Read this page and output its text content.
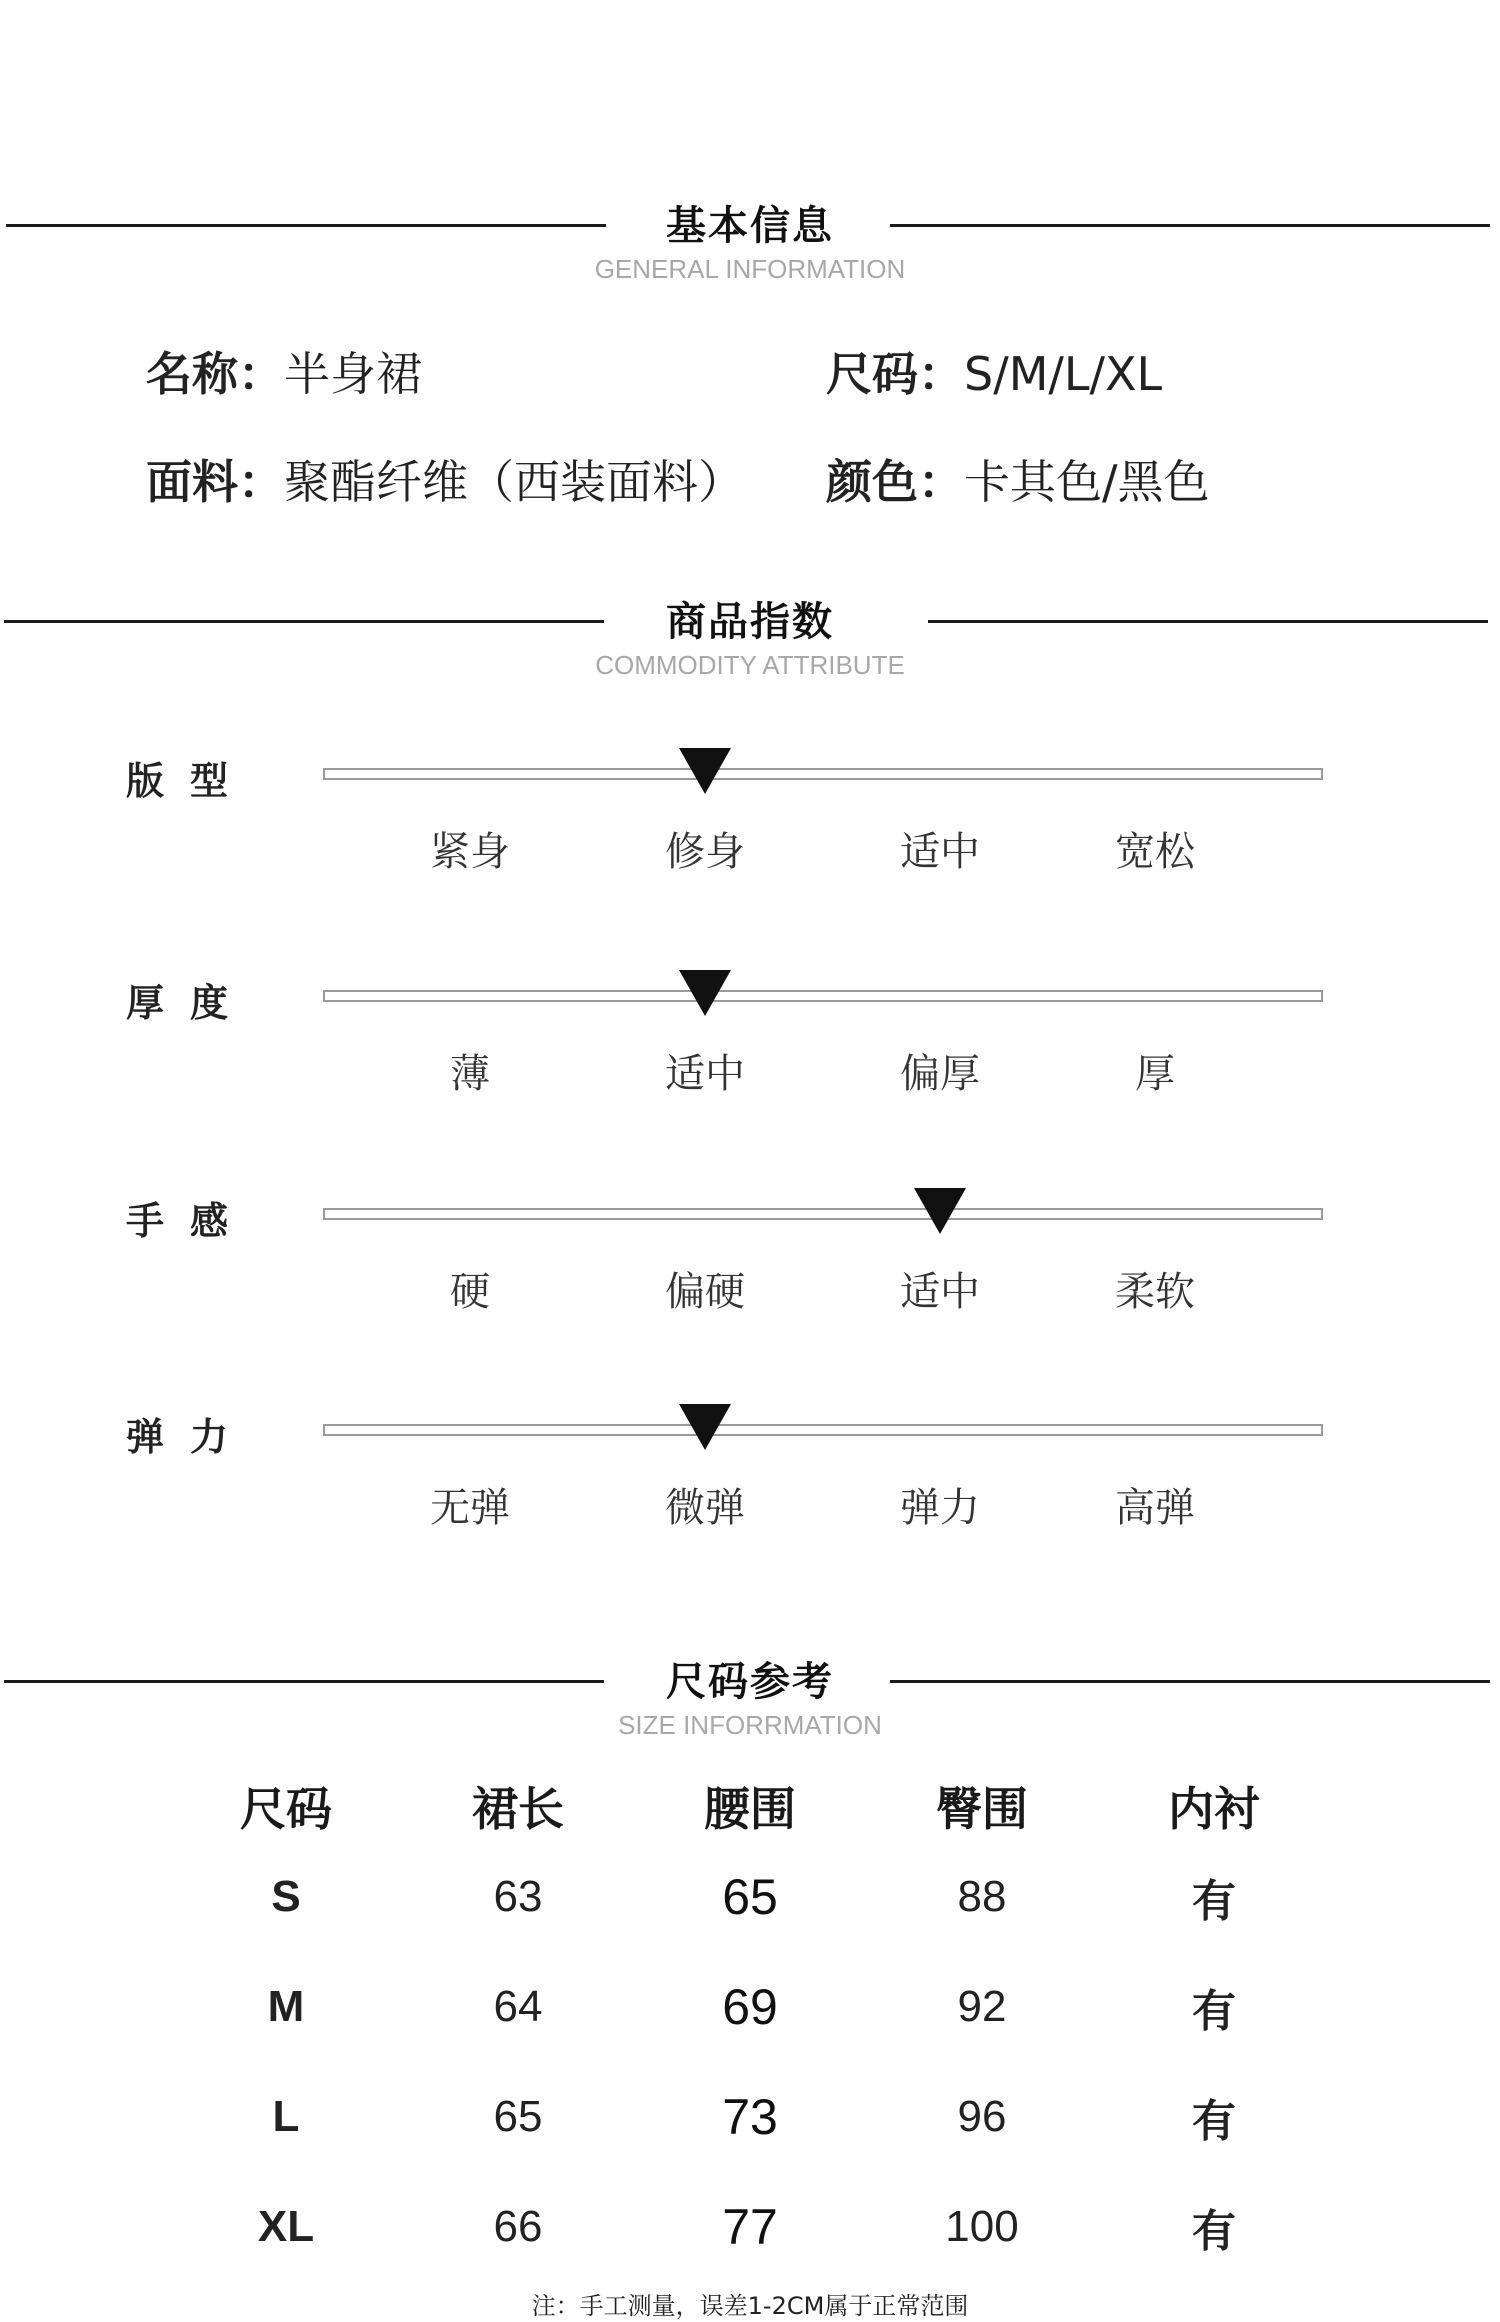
基本信息
GENERAL INFORMATION
名称：半身裙	尺码：S/M/L/XL
面料：聚酯纤维（西装面料） 颜色：卡其色/黑色
商品指数
COMMODITY ATTRIBUTE
版型
紧身	修身	适中	宽松
厚度
薄	适中	偏厚	厚
手感
硬	偏硬	适中	柔软
弹力
无弹	微弹	弹力	高弹
尺码参考
SIZE INFORRMATION
尺码	裙长	腰围	臀围	内衬
S	63	65	88	有
M	64	69	92	有
L	65	73	96	有
XL	66	77	100	有
注：手工测量，误差1-2CM属于正常范围
